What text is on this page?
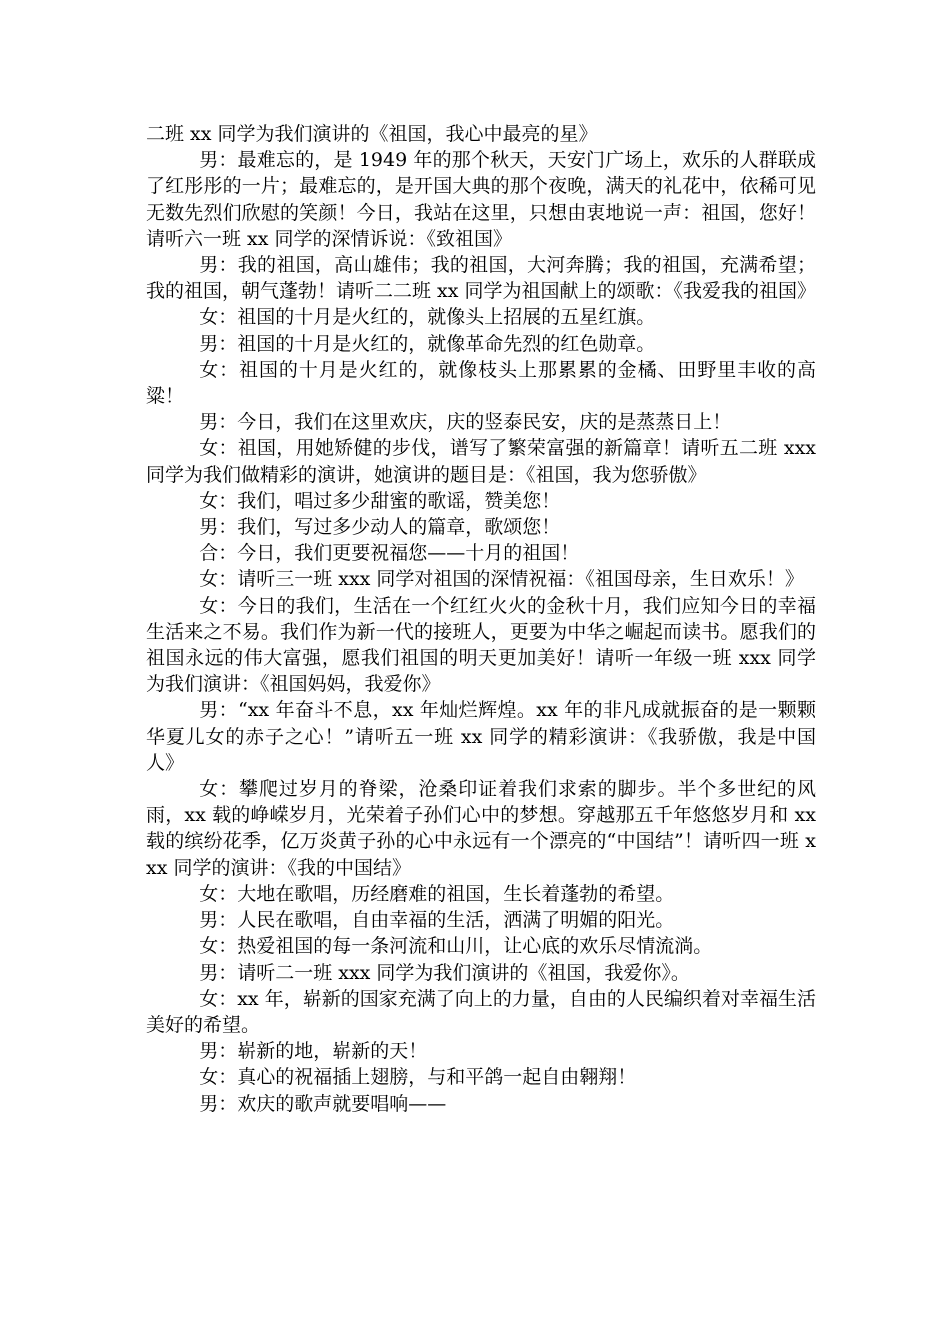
二班 xx 同学为我们演讲的《祖国，我心中最亮的星》

男：最难忘的，是 1949 年的那个秋天，天安门广场上，欢乐的人群联成了红彤彤的一片；最难忘的，是开国大典的那个夜晚，满天的礼花中，依稀可见无数先烈们欣慰的笑颜！今日，我站在这里，只想由衷地说一声：祖国，您好！请听六一班 xx 同学的深情诉说：《致祖国》

男：我的祖国，高山雄伟；我的祖国，大河奔腾；我的祖国，充满希望；我的祖国，朝气蓬勃！请听二二班 xx 同学为祖国献上的颂歌：《我爱我的祖国》

女：祖国的十月是火红的，就像头上招展的五星红旗。

男：祖国的十月是火红的，就像革命先烈的红色勋章。

女：祖国的十月是火红的，就像枝头上那累累的金橘、田野里丰收的高粱！

男：今日，我们在这里欢庆，庆的竖泰民安，庆的是蒸蒸日上！

女：祖国，用她矫健的步伐，谱写了繁荣富强的新篇章！请听五二班 xxx 同学为我们做精彩的演讲，她演讲的题目是：《祖国，我为您骄傲》

女：我们，唱过多少甜蜜的歌谣，赞美您！

男：我们，写过多少动人的篇章，歌颂您！

合：今日，我们更要祝福您——十月的祖国！

女：请听三一班 xxx 同学对祖国的深情祝福：《祖国母亲，生日欢乐！》

女：今日的我们，生活在一个红红火火的金秋十月，我们应知今日的幸福生活来之不易。我们作为新一代的接班人，更要为中华之崛起而读书。愿我们的祖国永远的伟大富强，愿我们祖国的明天更加美好！请听一年级一班 xxx 同学为我们演讲：《祖国妈妈，我爱你》

男：“xx 年奋斗不息，xx 年灿烂辉煌。xx 年的非凡成就振奋的是一颗颗华夏儿女的赤子之心！”请听五一班 xx 同学的精彩演讲：《我骄傲，我是中国人》

女：攀爬过岁月的脊梁，沧桑印证着我们求索的脚步。半个多世纪的风雨，xx 载的峥嵘岁月，光荣着子孙们心中的梦想。穿越那五千年悠悠岁月和 xx 载的缤纷花季，亿万炎黄子孙的心中永远有一个漂亮的“中国结”！请听四一班 xxx 同学的演讲：《我的中国结》

女：大地在歌唱，历经磨难的祖国，生长着蓬勃的希望。

男：人民在歌唱，自由幸福的生活，洒满了明媚的阳光。

女：热爱祖国的每一条河流和山川，让心底的欢乐尽情流淌。

男：请听二一班 xxx 同学为我们演讲的《祖国，我爱你》。

女：xx 年，崭新的国家充满了向上的力量，自由的人民编织着对幸福生活美好的希望。

男：崭新的地，崭新的天！

女：真心的祝福插上翅膀，与和平鸽一起自由翱翔！

男：欢庆的歌声就要唱响——
